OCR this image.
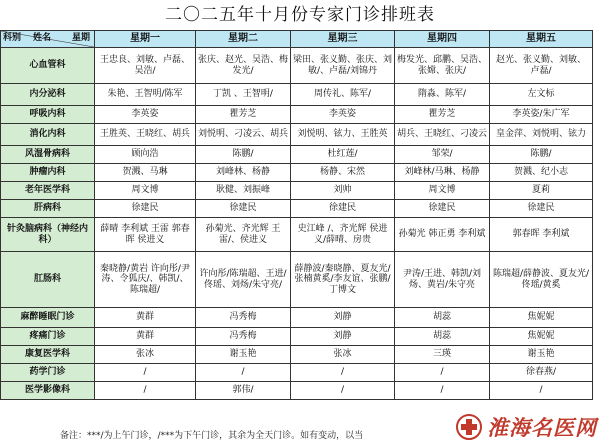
二〇二五年十月份专家门诊排班表
科别 姓名 星期	星期一	星期二	星期三	星期四	星期五
心血管科	王忠良、刘敏、卢磊、吴浩/	张庆、赵光、吴浩、梅发光/	梁田、张义勤、张庆、刘敏/、卢磊/刘锦丹	梅发光、邱鹏、吴浩、张嫦、张庆/	赵光、张义勤、刘敏、卢磊/
内分泌科	朱艳、王智明/陈军	丁凯 、王智明/	周传礼、陈军/	隋淼、陈军/	左文标
呼吸内科	李英姿	瞿芳芝	李英姿	瞿芳芝	李英姿/朱广军
消化内科	王胜英、王晓红、胡兵	刘悦明、刁凌云、胡兵	刘悦明、铉力、王胜英	胡兵、王晓红、刁凌云	皇金萍、刘悦明、铉力
风湿骨病科	顾向浩	陈鹏/	杜红莲/	邹荣/	陈鹏/
肿瘤内科	贺溅、马琳	刘峰林、杨静	杨静、宋然	刘峰林/马琳、杨静	贺溅、纪小志
老年医学科	周文博	耿健、刘振峰	刘帅	周文博	夏莉
肝病科	徐建民	徐建民	徐建民	徐建民	徐建民
针灸脑病科（神经内科）	薛晴 李利斌 王雷 郭春晖 侯进义	孙菊光、齐光辉 王雷/、侯进义	史江峰 /、齐光辉 侯进义/薛晴、房贵	孙菊光 韩正勇 李利斌	郭春晖 李利斌
肛肠科	秦晓静/黄岩 许向彤/尹涛、令狐庆/、韩凯/、陈瑞超/	许向彤/陈瑞超、王进/佟瑶、刘炀/朱守亮/	薛静波/秦晓静、夏友光/张楠黄奚/李友谊、张鹏/丁博文	尹涛/王进、韩凯/刘炀、黄岩/朱守亮	陈瑞超/薛静波、夏友光/佟瑶/黄奚
麻醉睡眠门诊	黄群	冯秀梅	刘静	胡蕊	焦妮妮
疼痛门诊	黄群	冯秀梅	刘静	胡蕊	焦妮妮
康复医学科	张冰	谢玉艳	张冰	三瑛	谢玉艳
药学门诊	/	/	/	/	徐春燕/
医学影像科	/	郭伟/	/	/	/
备注：***/为上午门诊，/***为下午门诊，其余为全天门诊。如有变动，以当	淮海名医网
